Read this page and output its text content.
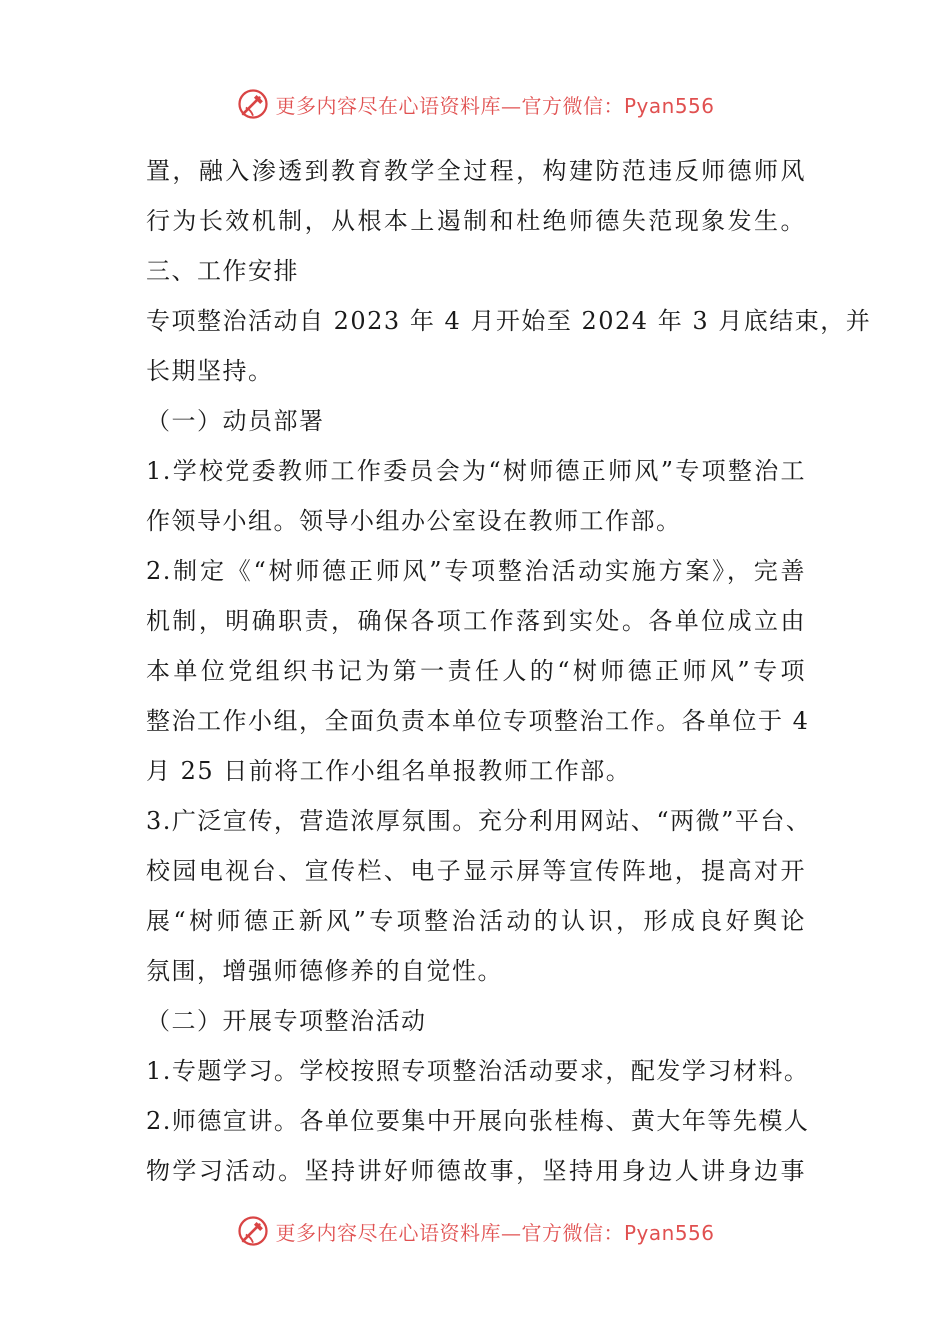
更多内容尽在心语资料库—官方微信：Pyan556
置，融入渗透到教育教学全过程，构建防范违反师德师风
行为长效机制，从根本上遏制和杜绝师德失范现象发生。
三、工作安排
专项整治活动自 2023 年 4 月开始至 2024 年 3 月底结束，并
长期坚持。
（一）动员部署
1.学校党委教师工作委员会为“树师德正师风”专项整治工
作领导小组。领导小组办公室设在教师工作部。
2.制定《“树师德正师风”专项整治活动实施方案》，完善
机制，明确职责，确保各项工作落到实处。各单位成立由
本单位党组织书记为第一责任人的“树师德正师风”专项
整治工作小组，全面负责本单位专项整治工作。各单位于 4
月 25 日前将工作小组名单报教师工作部。
3.广泛宣传，营造浓厚氛围。充分利用网站、“两微”平台、
校园电视台、宣传栏、电子显示屏等宣传阵地，提高对开
展“树师德正新风”专项整治活动的认识，形成良好舆论
氛围，增强师德修养的自觉性。
（二）开展专项整治活动
1.专题学习。学校按照专项整治活动要求，配发学习材料。
2.师德宣讲。各单位要集中开展向张桂梅、黄大年等先模人
物学习活动。坚持讲好师德故事，坚持用身边人讲身边事
更多内容尽在心语资料库—官方微信：Pyan556
